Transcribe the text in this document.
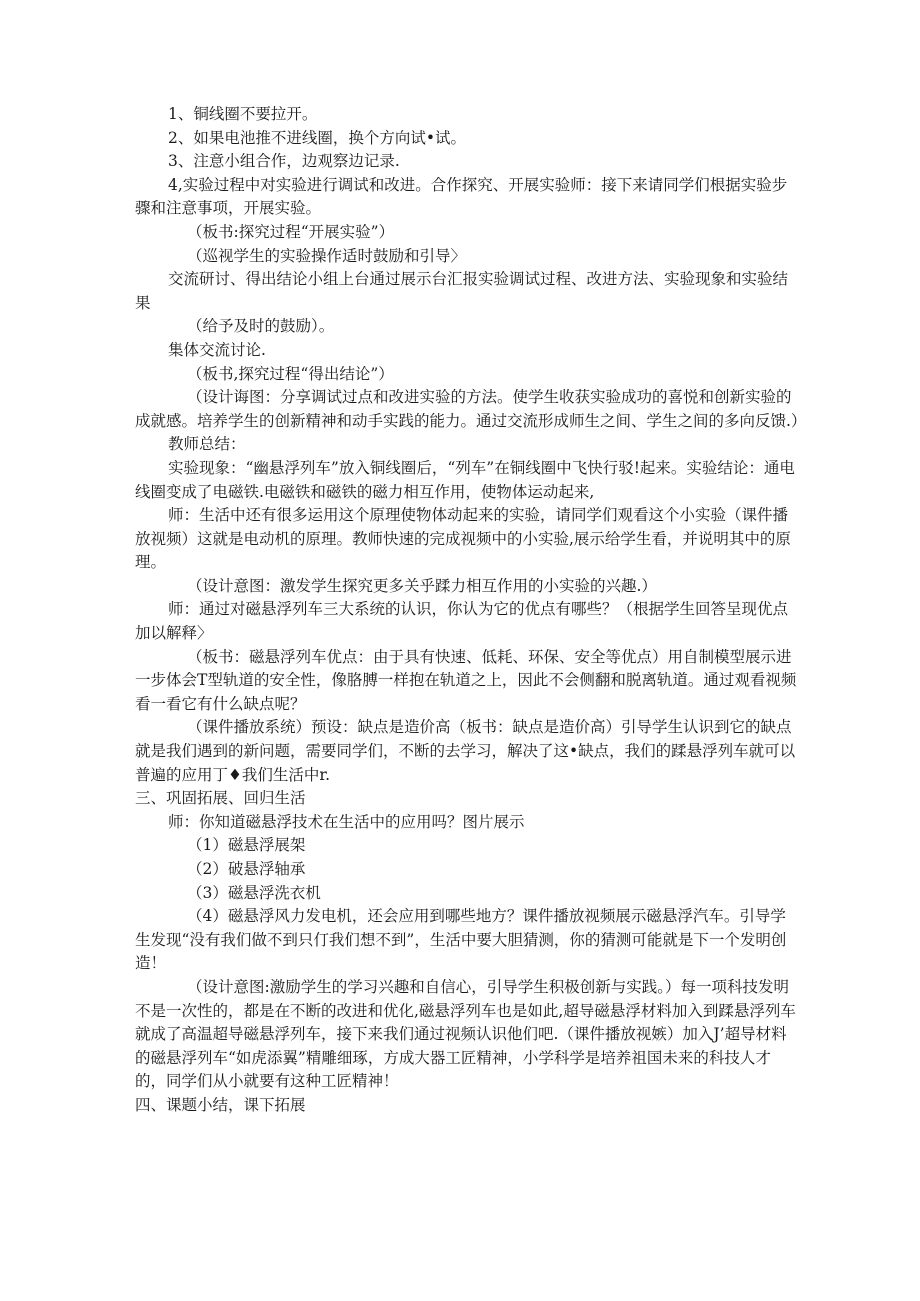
1、铜线圈不要拉开。

2、如果电池推不进线圈，换个方向试•试。

3、注意小组合作，边观察边记录.

4,实验过程中对实验进行调试和改进。合作探究、开展实验师：接下来请同学们根据实验步骤和注意事项，开展实验。

（板书:探究过程“开展实验”）

（巡视学生的实验操作适时鼓励和引导〉

交流研讨、得出结论小组上台通过展示台汇报实验调试过程、改进方法、实验现象和实验结果

（给予及时的鼓励）。

集体交流讨论.

（板书,探究过程“得出结论”）

（设计诲图：分享调试过点和改进实验的方法。使学生收获实验成功的喜悦和创新实验的成就感。培养学生的创新精神和动手实践的能力。通过交流形成师生之间、学生之间的多向反馈.）

教师总结：

实验现象：“幽悬浮列车”放入铜线圈后，“列车”在铜线圈中飞快行驳!起来。实验结论：通电线圈变成了电磁铁.电磁铁和磁铁的磁力相互作用，使物体运动起来,

师：生活中还有很多运用这个原理使物体动起来的实验，请同学们观看这个小实验（课件播放视频）这就是电动机的原理。教师快速的完成视频中的小实验,展示给学生看，并说明其中的原理。

（设计意图：激发学生探究更多关乎蹂力相互作用的小实验的兴趣.）

师：通过对磁悬浮列车三大系统的认识，你认为它的优点有哪些？（根据学生回答呈现优点加以解释〉

（板书：磁悬浮列车优点：由于具有快速、低耗、环保、安全等优点）用自制模型展示进一步体会T型轨道的安全性，像胳膊一样抱在轨道之上，因此不会侧翻和脱离轨道。通过观看视频看一看它有什么缺点呢？

（课件播放系统）预设：缺点是造价高（板书：缺点是造价高）引导学生认识到它的缺点就是我们遇到的新问题，需要同学们，不断的去学习，解决了这•缺点，我们的蹂悬浮列车就可以普遍的应用丁♦我们生活中r.

三、巩固拓展、回归生活

师：你知道磁悬浮技术在生活中的应用吗？图片展示

（1）磁悬浮展架

（2）破悬浮轴承

（3）磁悬浮洗衣机

（4）磁悬浮风力发电机，还会应用到哪些地方？课件播放视频展示磁悬浮汽车。引导学生发现“没有我们做不到只仃我们想不到”，生活中要大胆猜测，你的猜测可能就是下一个发明创造！

（设计意图:激励学生的学习兴趣和自信心，引导学生积极创新与实践。）每一项科技发明不是一次性的，都是在不断的改进和优化,磁悬浮列车也是如此,超导磁悬浮材料加入到蹂悬浮列车就成了高温超导磁悬浮列车，接下来我们通过视频认识他们吧.（课件播放视嫉）加入J’超导材料的磁悬浮列车“如虎添翼”精雕细琢，方成大器工匠精神，小学科学是培养祖国未来的科技人才的，同学们从小就要有这种工匠精神！

四、课题小结，课下拓展
